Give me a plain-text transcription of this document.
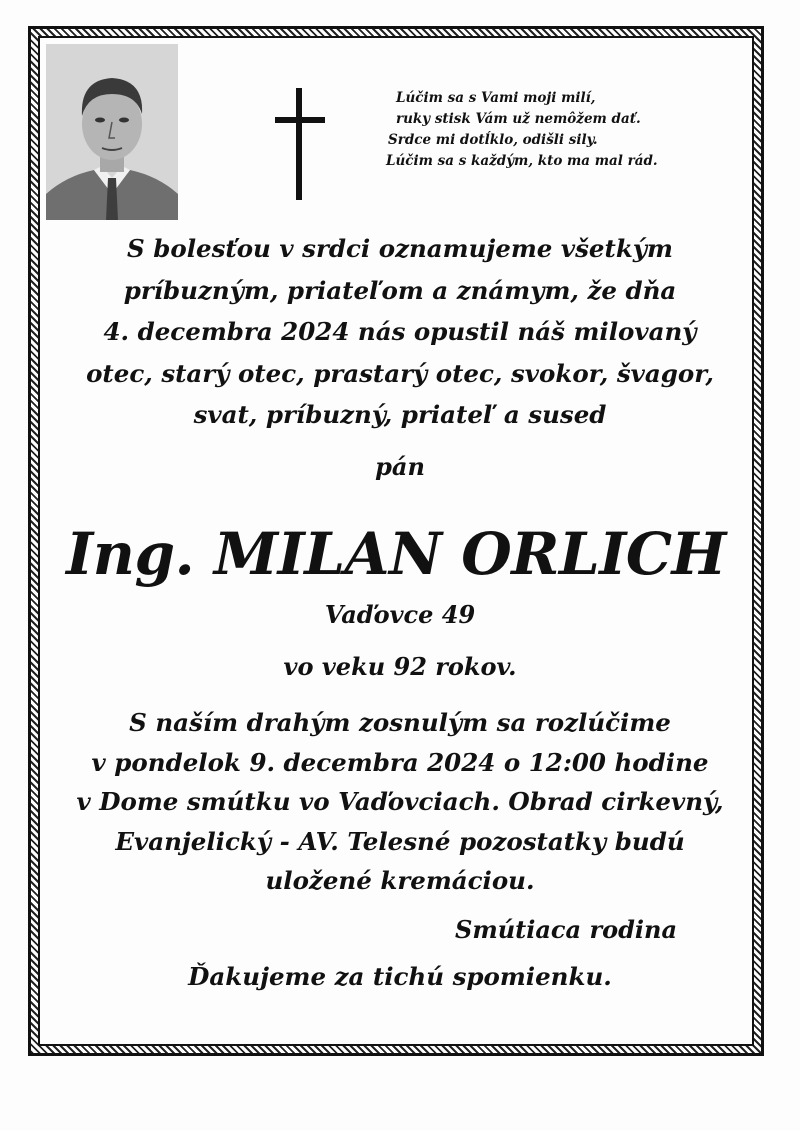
Lúčim sa s Vami moji milí,
ruky stisk Vám už nemôžem dať.
Srdce mi dotĺklo, odišli sily.
Lúčim sa s každým, kto ma mal rád.
S bolesťou v srdci oznamujeme všetkým
príbuzným, priateľom a známym, že dňa
4. decembra 2024 nás opustil náš milovaný
otec, starý otec, prastarý otec, svokor, švagor,
svat, príbuzný, priateľ a sused
pán
Ing. MILAN ORLICH
Vaďovce 49
vo veku 92 rokov.
S naším drahým zosnulým sa rozlúčime
v pondelok 9. decembra 2024 o 12:00 hodine
v Dome smútku vo Vaďovciach. Obrad cirkevný,
Evanjelický - AV. Telesné pozostatky budú
uložené kremáciou.
Smútiaca rodina
Ďakujeme za tichú spomienku.
